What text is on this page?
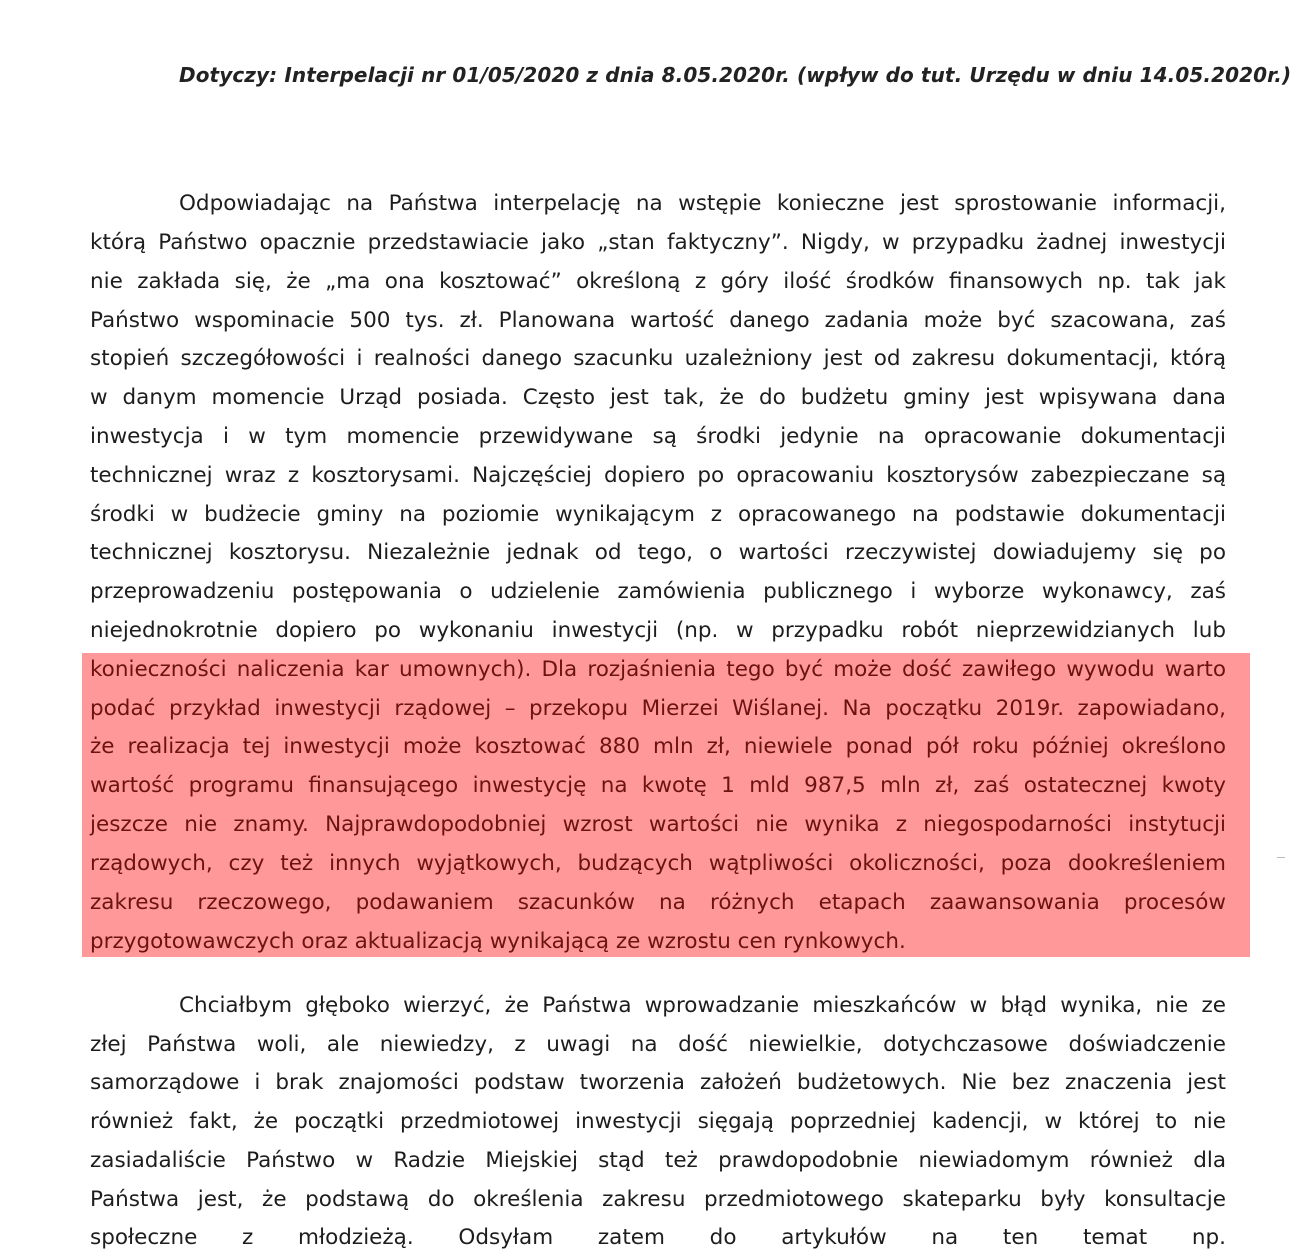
Dotyczy: Interpelacji nr 01/05/2020 z dnia 8.05.2020r. (wpływ do tut. Urzędu w dniu 14.05.2020r.)
Odpowiadając na Państwa interpelację na wstępie konieczne jest sprostowanie informacji,
którą Państwo opacznie przedstawiacie jako „stan faktyczny”. Nigdy, w przypadku żadnej inwestycji
nie zakłada się, że „ma ona kosztować” określoną z góry ilość środków finansowych np. tak jak
Państwo wspominacie 500 tys. zł. Planowana wartość danego zadania może być szacowana, zaś
stopień szczegółowości i realności danego szacunku uzależniony jest od zakresu dokumentacji, którą
w danym momencie Urząd posiada. Często jest tak, że do budżetu gminy jest wpisywana dana
inwestycja i w tym momencie przewidywane są środki jedynie na opracowanie dokumentacji
technicznej wraz z kosztorysami. Najczęściej dopiero po opracowaniu kosztorysów zabezpieczane są
środki w budżecie gminy na poziomie wynikającym z opracowanego na podstawie dokumentacji
technicznej kosztorysu. Niezależnie jednak od tego, o wartości rzeczywistej dowiadujemy się po
przeprowadzeniu postępowania o udzielenie zamówienia publicznego i wyborze wykonawcy, zaś
niejednokrotnie dopiero po wykonaniu inwestycji (np. w przypadku robót nieprzewidzianych lub
konieczności naliczenia kar umownych). Dla rozjaśnienia tego być może dość zawiłego wywodu warto
podać przykład inwestycji rządowej – przekopu Mierzei Wiślanej. Na początku 2019r. zapowiadano,
że realizacja tej inwestycji może kosztować 880 mln zł, niewiele ponad pół roku później określono
wartość programu finansującego inwestycję na kwotę 1 mld 987,5 mln zł, zaś ostatecznej kwoty
jeszcze nie znamy. Najprawdopodobniej wzrost wartości nie wynika z niegospodarności instytucji
rządowych, czy też innych wyjątkowych, budzących wątpliwości okoliczności, poza dookreśleniem
zakresu rzeczowego, podawaniem szacunków na różnych etapach zaawansowania procesów
przygotowawczych oraz aktualizacją wynikającą ze wzrostu cen rynkowych.
Chciałbym głęboko wierzyć, że Państwa wprowadzanie mieszkańców w błąd wynika, nie ze
złej Państwa woli, ale niewiedzy, z uwagi na dość niewielkie, dotychczasowe doświadczenie
samorządowe i brak znajomości podstaw tworzenia założeń budżetowych. Nie bez znaczenia jest
również fakt, że początki przedmiotowej inwestycji sięgają poprzedniej kadencji, w której to nie
zasiadaliście Państwo w Radzie Miejskiej stąd też prawdopodobnie niewiadomym również dla
Państwa jest, że podstawą do określenia zakresu przedmiotowego skateparku były konsultacje
społeczne z młodzieżą. Odsyłam zatem do artykułów na ten temat np.
